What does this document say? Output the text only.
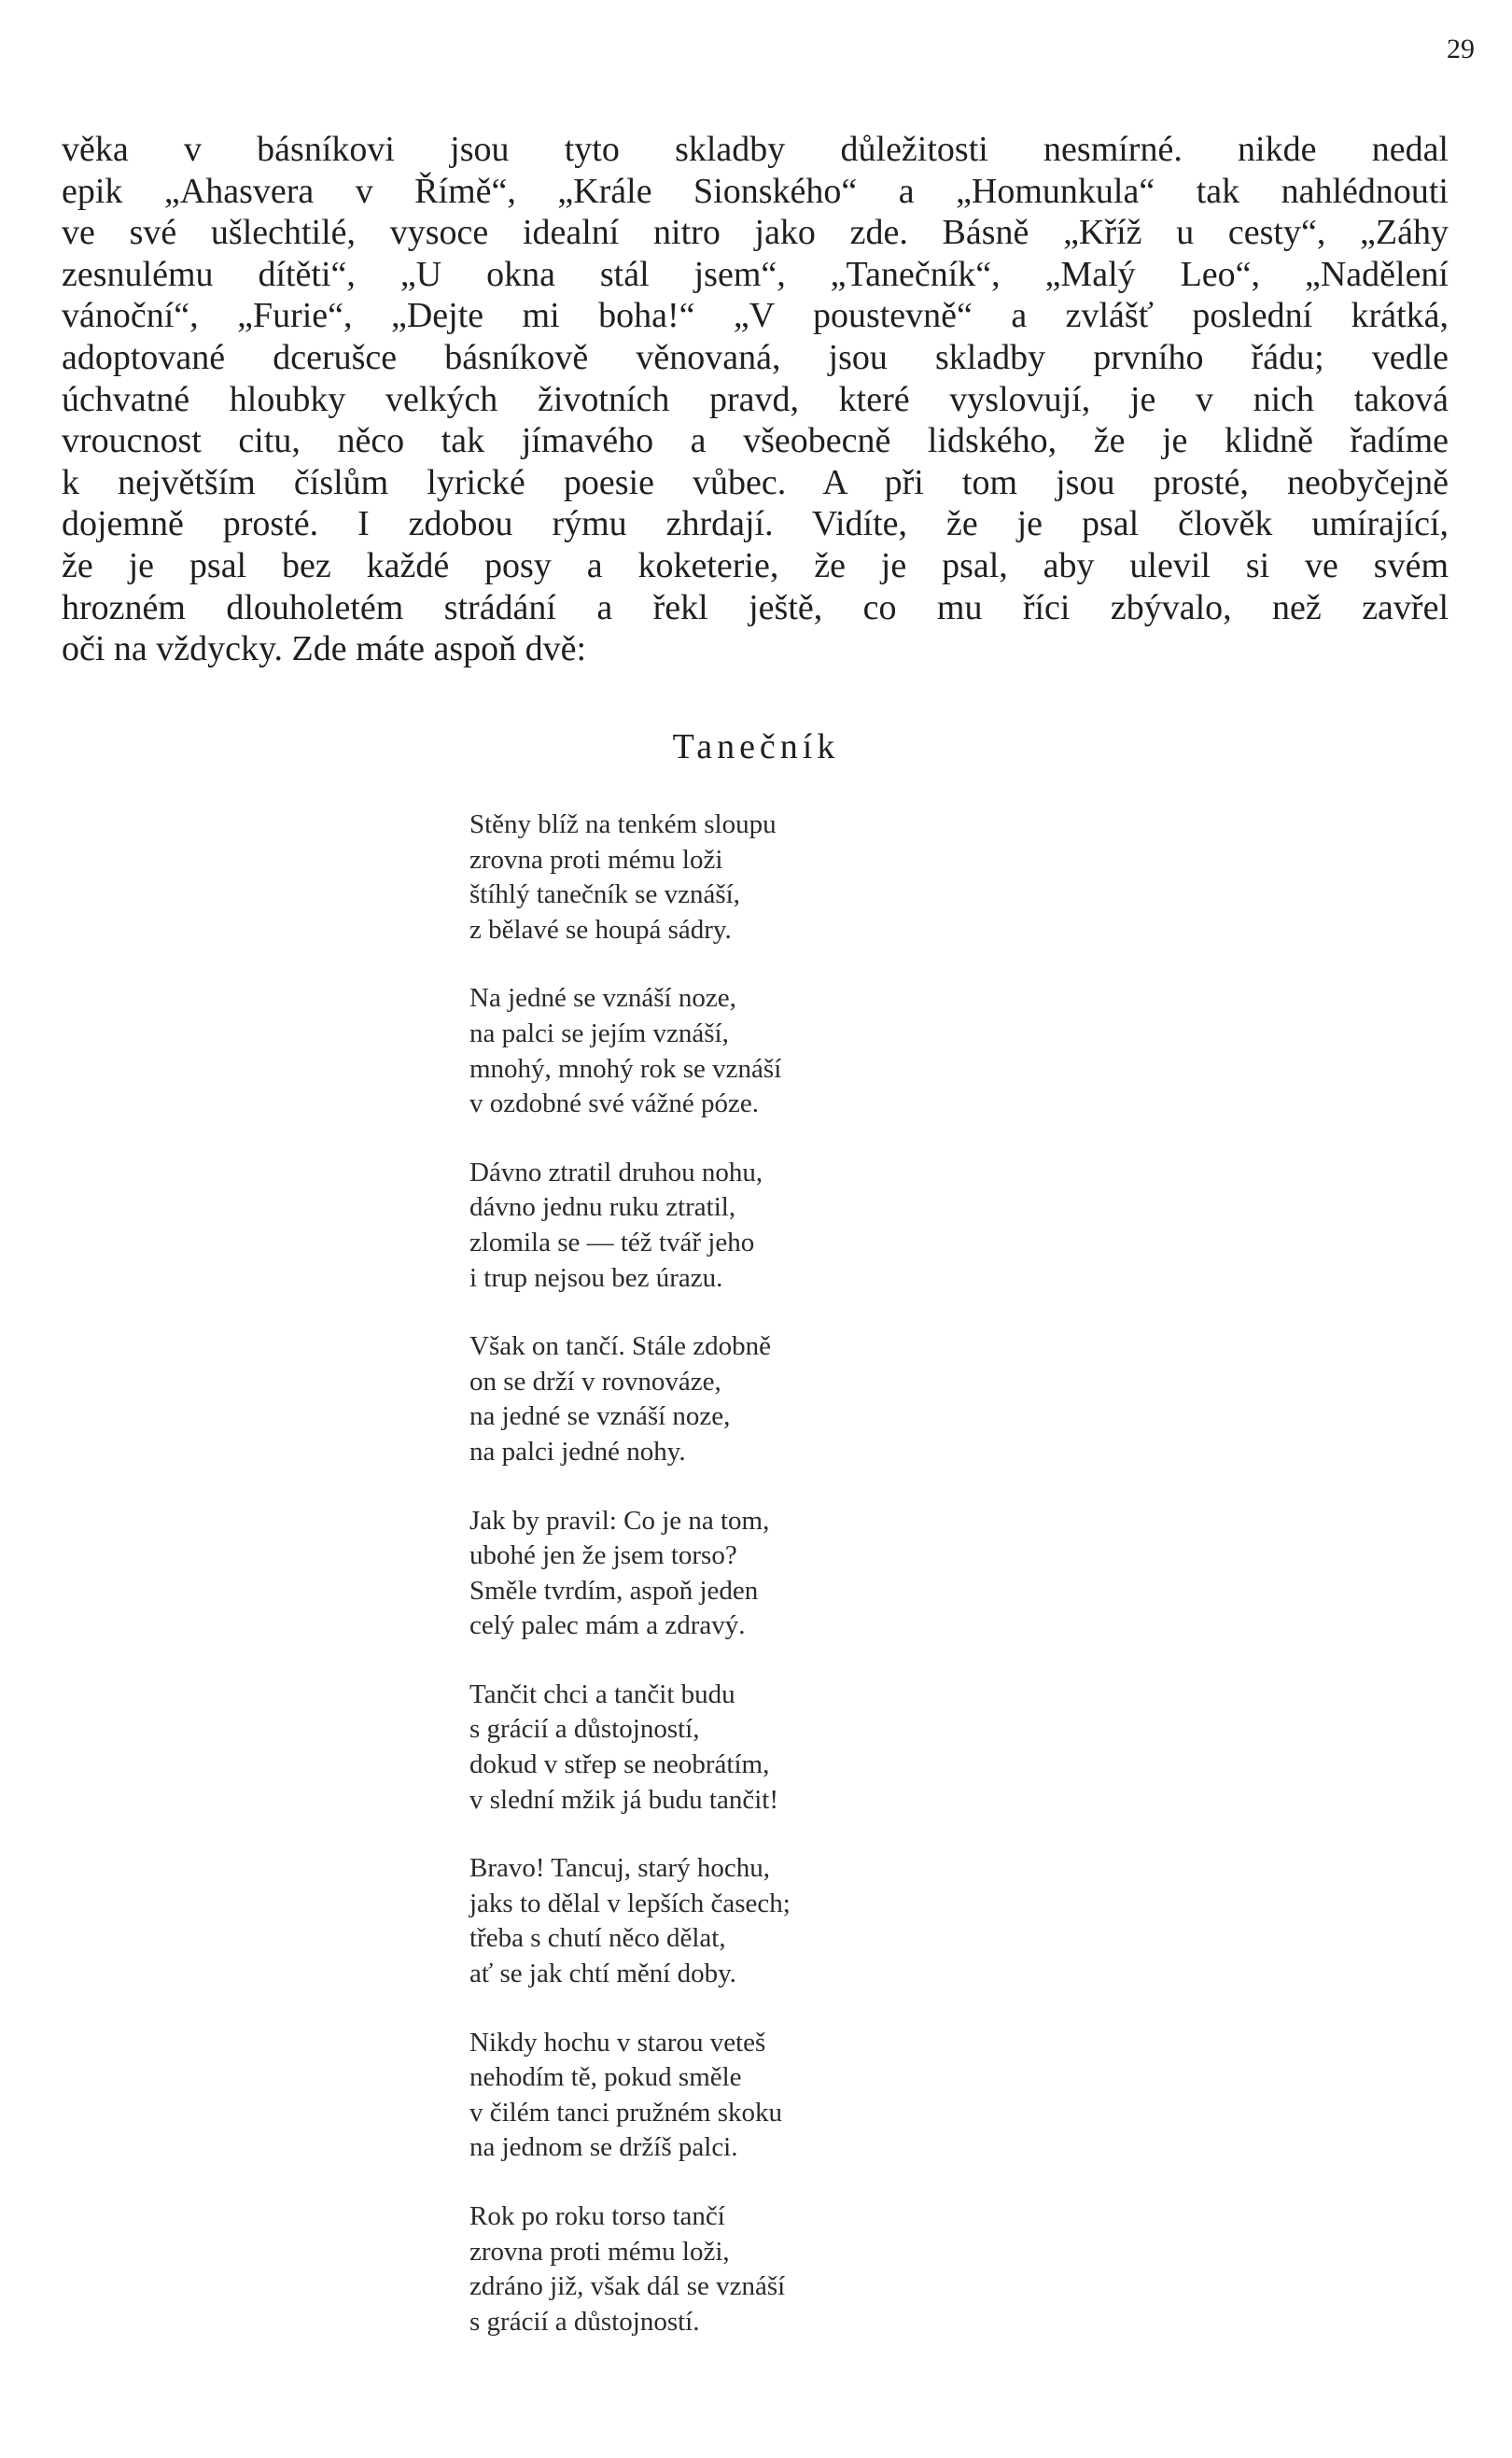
29
věka v básníkovi jsou tyto skladby důležitosti nesmírné. nikde nedal
epik „Ahasvera v Římě“, „Krále Sionského“ a „Homunkula“ tak nahlédnouti
ve své ušlechtilé, vysoce idealní nitro jako zde. Básně „Kříž u cesty“, „Záhy
zesnulému dítěti“, „U okna stál jsem“, „Tanečník“, „Malý Leo“, „Nadělení
vánoční“, „Furie“, „Dejte mi boha!“ „V poustevně“ a zvlášť poslední krátká,
adoptované dcerušce básníkově věnovaná, jsou skladby prvního řádu; vedle
úchvatné hloubky velkých životních pravd, které vyslovují, je v nich taková
vroucnost citu, něco tak jímavého a všeobecně lidského, že je klidně řadíme
k největším číslům lyrické poesie vůbec. A při tom jsou prosté, neobyčejně
dojemně prosté. I zdobou rýmu zhrdají. Vidíte, že je psal člověk umírající,
že je psal bez každé posy a koketerie, že je psal, aby ulevil si ve svém
hrozném dlouholetém strádání a řekl ještě, co mu říci zbývalo, než zavřel
oči na vždycky. Zde máte aspoň dvě:
Tanečník
Stěny blíž na tenkém sloupu
zrovna proti mému loži
štíhlý tanečník se vznáší,
z bělavé se houpá sádry.
Na jedné se vznáší noze,
na palci se jejím vznáší,
mnohý, mnohý rok se vznáší
v ozdobné své vážné póze.
Dávno ztratil druhou nohu,
dávno jednu ruku ztratil,
zlomila se — též tvář jeho
i trup nejsou bez úrazu.
Však on tančí. Stále zdobně
on se drží v rovnováze,
na jedné se vznáší noze,
na palci jedné nohy.
Jak by pravil: Co je na tom,
ubohé jen že jsem torso?
Směle tvrdím, aspoň jeden
celý palec mám a zdravý.
Tančit chci a tančit budu
s grácií a důstojností,
dokud v střep se neobrátím,
v slední mžik já budu tančit!
Bravo! Tancuj, starý hochu,
jaks to dělal v lepších časech;
třeba s chutí něco dělat,
ať se jak chtí mění doby.
Nikdy hochu v starou veteš
nehodím tě, pokud směle
v čilém tanci pružném skoku
na jednom se držíš palci.
Rok po roku torso tančí
zrovna proti mému loži,
zdráno již, však dál se vznáší
s grácií a důstojností.
